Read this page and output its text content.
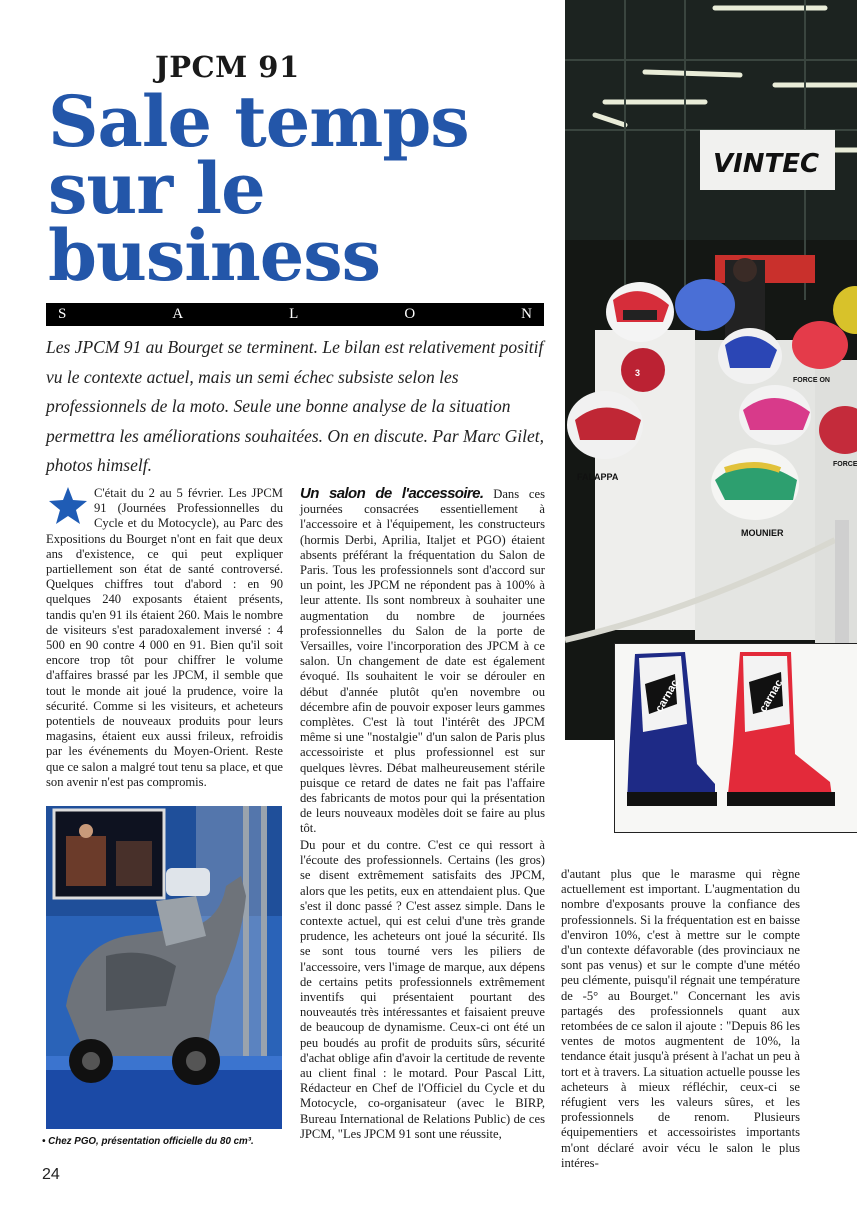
JPCM 91
Sale temps
sur le
business
S	A	L	O	N

Les JPCM 91 au Bourget se terminent. Le bilan est relativement positif vu le contexte actuel, mais un semi échec subsiste selon les professionnels de la moto. Seule une bonne analyse de la situation permettra les améliorations souhaitées. On en discute. Par Marc Gilet, photos himself.

C'était du 2 au 5 février. Les JPCM 91 (Journées Professionnelles du Cycle et du Motocycle), au Parc des Expositions du Bourget n'ont en fait que deux ans d'existence, ce qui peut expliquer partiellement son état de santé controversé. Quelques chiffres tout d'abord : en 90 quelques 240 exposants étaient présents, tandis qu'en 91 ils étaient 260. Mais le nombre de visiteurs s'est paradoxalement inversé : 4 500 en 90 contre 4 000 en 91. Bien qu'il soit encore trop tôt pour chiffrer le volume d'affaires brassé par les JPCM, il semble que tout le monde ait joué la prudence, voire la sécurité. Comme si les visiteurs, et acheteurs potentiels de nouveaux produits pour leurs magasins, étaient eux aussi frileux, refroidis par les événements du Moyen-Orient. Reste que ce salon a malgré tout tenu sa place, et que son avenir n'est pas compromis.
Un salon de l'accessoire. Dans ces journées consacrées essentiellement à l'accessoire et à l'équipement, les constructeurs (hormis Derbi, Aprilia, Italjet et PGO) étaient absents préférant la fréquentation du Salon de Paris. Tous les professionnels sont d'accord sur un point, les JPCM ne répondent pas à 100% à leur attente. Ils sont nombreux à souhaiter une augmentation du nombre de journées professionnelles du Salon de la porte de Versailles, voire l'incorporation des JPCM à ce salon. Un changement de date est également évoqué. Ils souhaitent le voir se dérouler en début d'année plutôt qu'en novembre ou décembre afin de pouvoir exposer leurs gammes complètes. C'est là tout l'intérêt des JPCM même si une "nostalgie" d'un salon de Paris plus accessoiriste et plus professionnel est sur quelques lèvres. Débat malheureusement stérile puisque ce retard de dates ne fait pas l'affaire des fabricants de motos pour qui la présentation de leurs nouveaux modèles doit se faire au plus tôt.
Du pour et du contre. C'est ce qui ressort à l'écoute des professionnels. Certains (les gros) se disent extrêmement satisfaits des JPCM, alors que les petits, eux en attendaient plus. Que s'est il donc passé ? C'est assez simple. Dans le contexte actuel, qui est celui d'une très grande prudence, les acheteurs ont joué la sécurité. Ils se sont tous tourné vers les piliers de l'accessoire, vers l'image de marque, aux dépens de certains petits professionnels extrêmement inventifs qui présentaient pourtant des nouveautés très intéressantes et faisaient preuve de beaucoup de dynamisme. Ceux-ci ont été un peu boudés au profit de produits sûrs, sécurité d'achat oblige afin d'avoir la certitude de revente au client final : le motard. Pour Pascal Litt, Rédacteur en Chef de l'Officiel du Cycle et du Motocycle, co-organisateur (avec le BIRP, Bureau International de Relations Public) de ces JPCM, "Les JPCM 91 sont une réussite,
d'autant plus que le marasme qui règne actuellement est important. L'augmentation du nombre d'exposants prouve la confiance des professionnels. Si la fréquentation est en baisse d'environ 10%, c'est à mettre sur le compte d'un contexte défavorable (des provinciaux ne sont pas venus) et sur le compte d'une météo peu clémente, puisqu'il régnait une température de -5° au Bourget." Concernant les avis partagés des professionnels quant aux retombées de ce salon il ajoute : "Depuis 86 les ventes de motos augmentent de 10%, la tendance était jusqu'à présent à l'achat un peu à tort et à travers. La situation actuelle pousse les acheteurs à mieux réfléchir, ceux-ci se réfugient vers les valeurs sûres, et les professionnels de renom. Plusieurs équipementiers et accessoiristes importants m'ont déclaré avoir vécu le salon le plus intéres-
• Chez PGO, présentation officielle du 80 cm³.
VINTEC
3
FALAPPA
MOUNIER
FORCE ON
FORCE
carnac	carnac
24
